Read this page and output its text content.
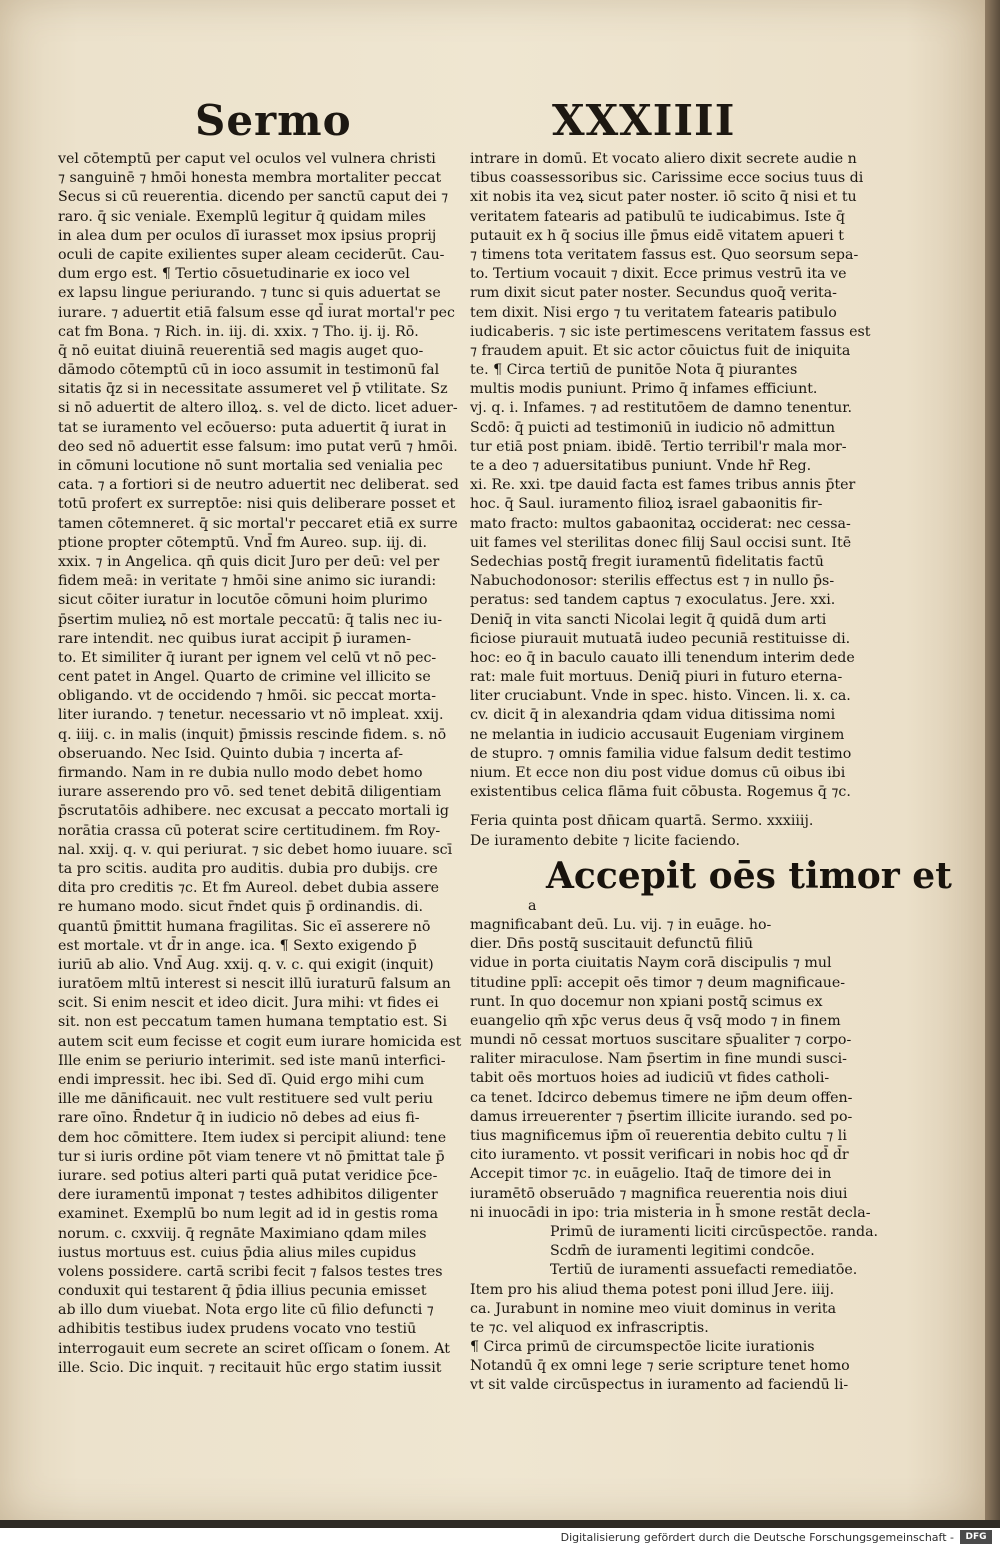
Sermo	XXXIIII
vel cōtemptū per caput vel oculos vel vulnera christi
⁊ sanguinē ⁊ hmōi honesta membra mortaliter peccat
Secus si cū reuerentia. dicendo per sanctū caput dei ⁊
raro. q̄ sic veniale. Exemplū legitur q̄ quidam miles
in alea dum per oculos dī iurasset mox ipsius proprij
oculi de capite exilientes super aleam ceciderūt. Cau-
dum ergo est. ¶ Tertio cōsuetudinarie ex ioco vel
ex lapsu lingue periurando. ⁊ tunc si quis aduertat se
iurare. ⁊ aduertit etiā falsum esse qd̄ iurat mortal'r pec
cat fm Bona. ⁊ Rich. in. iij. di. xxix. ⁊ Tho. ij. ij. Rō.
q̄ nō euitat diuinā reuerentiā sed magis auget quo-
dāmodo cōtemptū cū in ioco assumit in testimonū fal
sitatis q̄z si in necessitate assumeret vel p̄ vtilitate. Sz
si nō aduertit de altero illoꝝ. s. vel de dicto. licet aduer-
tat se iuramento vel ecōuerso: puta aduertit q̄ iurat in
deo sed nō aduertit esse falsum: imo putat verū ⁊ hmōi.
in cōmuni locutione nō sunt mortalia sed venialia pec
cata. ⁊ a fortiori si de neutro aduertit nec deliberat. sed
totū profert ex surreptōe: nisi quis deliberare posset et
tamen cōtemneret. q̄ sic mortal'r peccaret etiā ex surre
ptione propter cōtemptū. Vnd̄ fm Aureo. sup. iij. di.
xxix. ⁊ in Angelica. qn̄ quis dicit Juro per deū: vel per
fidem meā: in veritate ⁊ hmōi sine animo sic iurandi:
sicut cōiter iuratur in locutōe cōmuni hoim plurimo
p̄sertim mulieꝝ nō est mortale peccatū: q̄ talis nec iu-
rare intendit. nec quibus iurat accipit p̄ iuramen-
to. Et similiter q̄ iurant per ignem vel celū vt nō pec-
cent patet in Angel. Quarto de crimine vel illicito se
obligando. vt de occidendo ⁊ hmōi. sic peccat morta-
liter iurando. ⁊ tenetur. necessario vt nō impleat. xxij.
q. iiij. c. in malis (inquit) p̄missis rescinde fidem. s. nō
obseruando. Nec Isid. Quinto dubia ⁊ incerta af-
firmando. Nam in re dubia nullo modo debet homo
iurare asserendo pro vō. sed tenet debitā diligentiam
p̄scrutatōis adhibere. nec excusat a peccato mortali ig
norātia crassa cū poterat scire certitudinem. fm Roy-
nal. xxij. q. v. qui periurat. ⁊ sic debet homo iuuare. scī
ta pro scitis. audita pro auditis. dubia pro dubijs. cre
dita pro creditis ⁊c. Et fm Aureol. debet dubia assere
re humano modo. sicut r̄ndet quis p̄ ordinandis. di.
quantū p̄mittit humana fragilitas. Sic eī asserere nō
est mortale. vt d̄r in ange. ica. ¶ Sexto exigendo p̄
iuriū ab alio. Vnd̄ Aug. xxij. q. v. c. qui exigit (inquit)
iuratōem mltū interest si nescit illū iuraturū falsum an
scit. Si enim nescit et ideo dicit. Jura mihi: vt fides ei
sit. non est peccatum tamen humana temptatio est. Si
autem scit eum fecisse et cogit eum iurare homicida est
Ille enim se periurio interimit. sed iste manū interfici-
endi impressit. hec ibi. Sed dī. Quid ergo mihi cum
ille me dānificauit. nec vult restituere sed vult periu
rare oīno. R̄ndetur q̄ in iudicio nō debes ad eius fi-
dem hoc cōmittere. Item iudex si percipit aliund: tene
tur si iuris ordine pōt viam tenere vt nō p̄mittat tale p̄
iurare. sed potius alteri parti quā putat veridice p̄ce-
dere iuramentū imponat ⁊ testes adhibitos diligenter
examinet. Exemplū bo num legit ad id in gestis roma
norum. c. cxxviij. q̄ regnāte Maximiano qdam miles
iustus mortuus est. cuius p̄dia alius miles cupidus
volens possidere. cartā scribi fecit ⁊ falsos testes tres
conduxit qui testarent q̄ p̄dia illius pecunia emisset
ab illo dum viuebat. Nota ergo lite cū filio defuncti ⁊
adhibitis testibus iudex prudens vocato vno testiū
interrogauit eum secrete an sciret oſſicam o ſonem. At
ille. Scio. Dic inquit. ⁊ recitauit hūc ergo statim iussit
intrare in domū. Et vocato aliero dixit secrete audie n
tibus coassessoribus sic. Carissime ecce socius tuus di
xit nobis ita veꝝ sicut pater noster. iō scito q̄ nisi et tu
veritatem fatearis ad patibulū te iudicabimus. Iste q̄
putauit ex h q̄ socius ille p̄mus eidē vitatem apueri t
⁊ timens tota veritatem fassus est. Quo seorsum sepa-
to. Tertium vocauit ⁊ dixit. Ecce primus vestrū ita ve
rum dixit sicut pater noster. Secundus quoq̄ verita-
tem dixit. Nisi ergo ⁊ tu veritatem fatearis patibulo
iudicaberis. ⁊ sic iste pertimescens veritatem fassus est
⁊ fraudem apuit. Et sic actor cōuictus fuit de iniquita
te. ¶ Circa tertiū de punitōe Nota q̄ piurantes
multis modis puniunt. Primo q̄ infames efficiunt.
vj. q. i. Infames. ⁊ ad restitutōem de damno tenentur.
Scdō: q̄ puicti ad testimoniū in iudicio nō admittun
tur etiā post pniam. ibidē. Tertio terribil'r mala mor-
te a deo ⁊ aduersitatibus puniunt. Vnde hr̄ Reg.
xi. Re. xxi. tpe dauid facta est fames tribus annis p̄ter
hoc. q̄ Saul. iuramento filioꝝ israel gabaonitis fir-
mato fracto: multos gabaonitaꝝ occiderat: nec cessa-
uit fames vel sterilitas donec filij Saul occisi sunt. Itē
Sedechias postq̄ fregit iuramentū fidelitatis factū
Nabuchodonosor: sterilis effectus est ⁊ in nullo p̄s-
peratus: sed tandem captus ⁊ exoculatus. Jere. xxi.
Deniq̄ in vita sancti Nicolai legit q̄ quidā dum arti
ficiose piurauit mutuatā iudeo pecuniā restituisse di.
hoc: eo q̄ in baculo cauato illi tenendum interim dede
rat: male fuit mortuus. Deniq̄ piuri in futuro eterna-
liter cruciabunt. Vnde in spec. histo. Vincen. li. x. ca.
cv. dicit q̄ in alexandria qdam vidua ditissima nomi
ne melantia in iudicio accusauit Eugeniam virginem
de stupro. ⁊ omnis familia vidue falsum dedit testimo
nium. Et ecce non diu post vidue domus cū oibus ibi
existentibus celica flāma fuit cōbusta. Rogemus q̄ ⁊c.
Feria quinta post dn̄icam quartā. Sermo. xxxiiij.
De iuramento debite ⁊ licite faciendo.
Accepit oēs timor et
a
magnificabant deū. Lu. vij. ⁊ in euāge. ho-
dier. Dn̄s postq̄ suscitauit defunctū filiū
vidue in porta ciuitatis Naym corā discipulis ⁊ mul
titudine pplī: accepit oēs timor ⁊ deum magnificaue-
runt. In quo docemur non xpiani postq̄ scimus ex
euangelio qm̄ xp̄c verus deus q̄ vsq̄ modo ⁊ in finem
mundi nō cessat mortuos suscitare sp̄ualiter ⁊ corpo-
raliter miraculose. Nam p̄sertim in fine mundi susci-
tabit oēs mortuos hoies ad iudiciū vt fides catholi-
ca tenet. Idcirco debemus timere ne ip̄m deum offen-
damus irreuerenter ⁊ p̄sertim illicite iurando. sed po-
tius magnificemus ip̄m oī reuerentia debito cultu ⁊ li
cito iuramento. vt possit verificari in nobis hoc qd̄ d̄r
Accepit timor ⁊c. in euāgelio. Itaq̄ de timore dei in
iuramētō obseruādo ⁊ magnifica reuerentia nois diui
ni inuocādi in ipo: tria misteria in h̄ smone restāt decla-
Primū de iuramenti liciti circūspectōe. randa.
Scdm̄ de iuramenti legitimi condcōe.
Tertiū de iuramenti assuefacti remediatōe.
Item pro his aliud thema potest poni illud Jere. iiij.
ca. Jurabunt in nomine meo viuit dominus in verita
te ⁊c. vel aliquod ex infrascriptis.
¶ Circa primū de circumspectōe licite iurationis
Notandū q̄ ex omni lege ⁊ serie scripture tenet homo
vt sit valde circūspectus in iuramento ad faciendū li-
Digitalisierung gefördert durch die Deutsche Forschungsgemeinschaft -	DFG
